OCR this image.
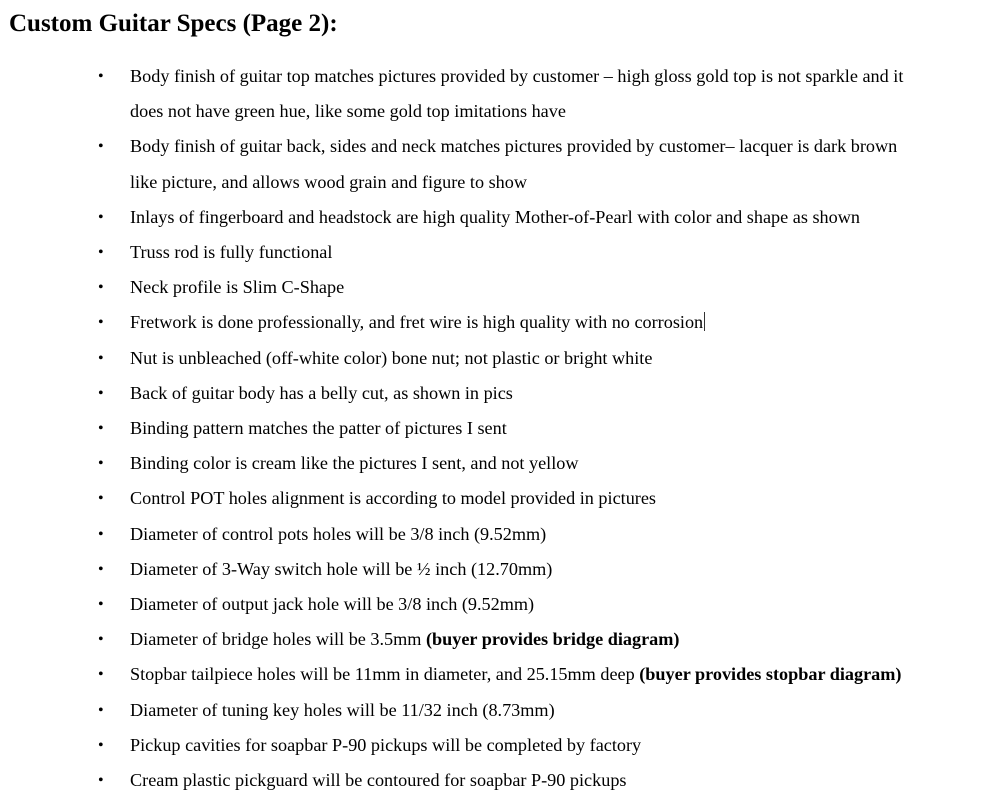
Custom Guitar Specs (Page 2):
• Body finish of guitar top matches pictures provided by customer – high gloss gold top is not sparkle and it
does not have green hue, like some gold top imitations have
• Body finish of guitar back, sides and neck matches pictures provided by customer– lacquer is dark brown
like picture, and allows wood grain and figure to show
• Inlays of fingerboard and headstock are high quality Mother-of-Pearl with color and shape as shown
• Truss rod is fully functional
• Neck profile is Slim C-Shape
• Fretwork is done professionally, and fret wire is high quality with no corrosion
• Nut is unbleached (off-white color) bone nut; not plastic or bright white
• Back of guitar body has a belly cut, as shown in pics
• Binding pattern matches the patter of pictures I sent
• Binding color is cream like the pictures I sent, and not yellow
• Control POT holes alignment is according to model provided in pictures
• Diameter of control pots holes will be 3/8 inch (9.52mm)
• Diameter of 3-Way switch hole will be ½ inch (12.70mm)
• Diameter of output jack hole will be 3/8 inch (9.52mm)
• Diameter of bridge holes will be 3.5mm (buyer provides bridge diagram)
• Stopbar tailpiece holes will be 11mm in diameter, and 25.15mm deep (buyer provides stopbar diagram)
• Diameter of tuning key holes will be 11/32 inch (8.73mm)
• Pickup cavities for soapbar P-90 pickups will be completed by factory
• Cream plastic pickguard will be contoured for soapbar P-90 pickups
